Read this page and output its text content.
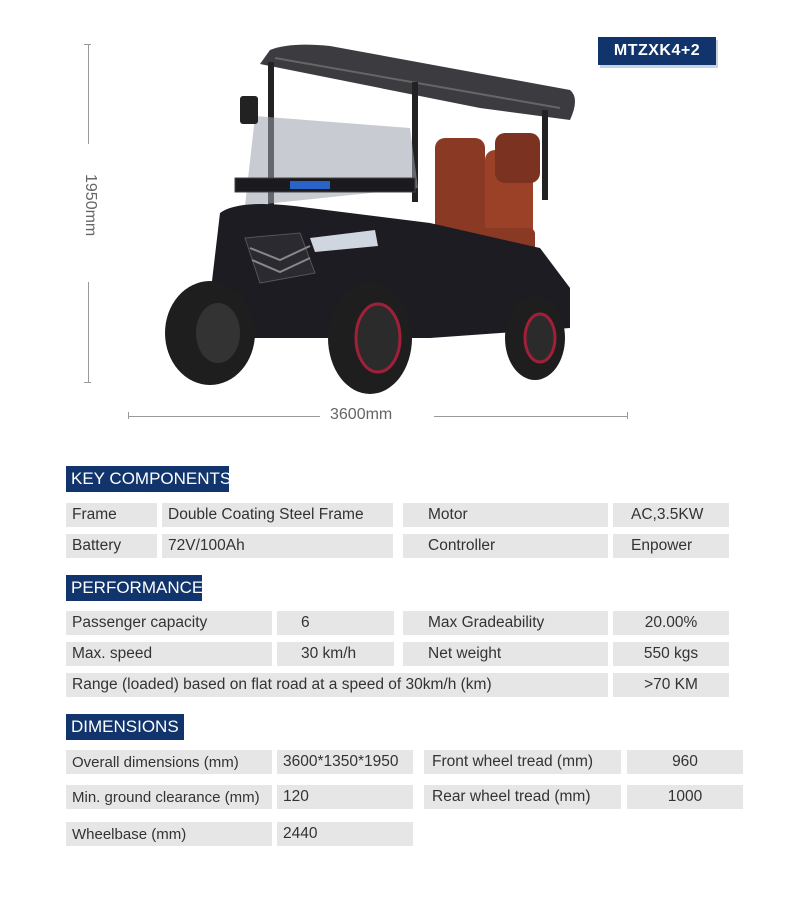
MTZXK4+2
1950mm
3600mm
KEY COMPONENTS
Frame	Double Coating Steel Frame	Motor	AC,3.5KW
Battery	72V/100Ah	Controller	Enpower
PERFORMANCE
Passenger capacity	6	Max Gradeability	20.00%
Max. speed	30 km/h	Net weight	550 kgs
Range (loaded) based on flat road at a speed of 30km/h (km)	>70 KM
DIMENSIONS
Overall dimensions (mm)	3600*1350*1950	Front wheel tread (mm)	960
Min. ground clearance (mm)	120	Rear wheel tread (mm)	1000
Wheelbase (mm)	2440
